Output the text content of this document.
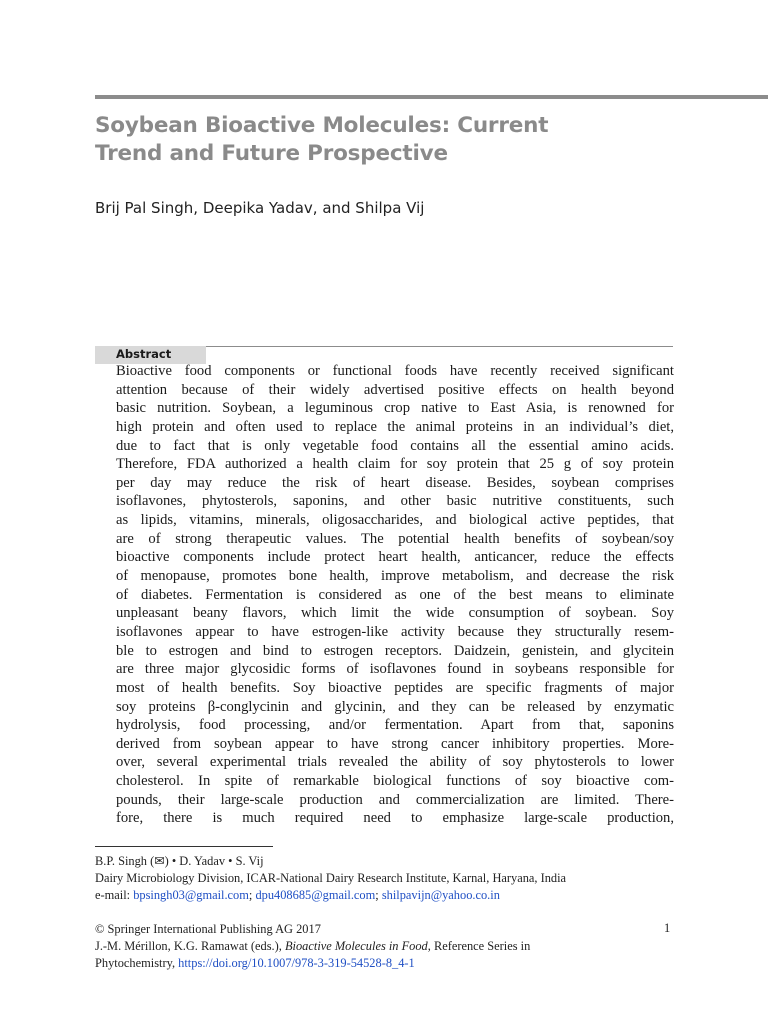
Soybean Bioactive Molecules: Current
Trend and Future Prospective
Brij Pal Singh, Deepika Yadav, and Shilpa Vij
Abstract
Bioactive food components or functional foods have recently received significant
attention because of their widely advertised positive effects on health beyond
basic nutrition. Soybean, a leguminous crop native to East Asia, is renowned for
high protein and often used to replace the animal proteins in an individual’s diet,
due to fact that is only vegetable food contains all the essential amino acids.
Therefore, FDA authorized a health claim for soy protein that 25 g of soy protein
per day may reduce the risk of heart disease. Besides, soybean comprises
isoflavones, phytosterols, saponins, and other basic nutritive constituents, such
as lipids, vitamins, minerals, oligosaccharides, and biological active peptides, that
are of strong therapeutic values. The potential health benefits of soybean/soy
bioactive components include protect heart health, anticancer, reduce the effects
of menopause, promotes bone health, improve metabolism, and decrease the risk
of diabetes. Fermentation is considered as one of the best means to eliminate
unpleasant beany flavors, which limit the wide consumption of soybean. Soy
isoflavones appear to have estrogen-like activity because they structurally resem-
ble to estrogen and bind to estrogen receptors. Daidzein, genistein, and glycitein
are three major glycosidic forms of isoflavones found in soybeans responsible for
most of health benefits. Soy bioactive peptides are specific fragments of major
soy proteins β-conglycinin and glycinin, and they can be released by enzymatic
hydrolysis, food processing, and/or fermentation. Apart from that, saponins
derived from soybean appear to have strong cancer inhibitory properties. More-
over, several experimental trials revealed the ability of soy phytosterols to lower
cholesterol. In spite of remarkable biological functions of soy bioactive com-
pounds, their large-scale production and commercialization are limited. There-
fore, there is much required need to emphasize large-scale production,
B.P. Singh (✉) • D. Yadav • S. Vij
Dairy Microbiology Division, ICAR-National Dairy Research Institute, Karnal, Haryana, India
e-mail: bpsingh03@gmail.com; dpu408685@gmail.com; shilpavijn@yahoo.co.in
© Springer International Publishing AG 2017
J.-M. Mérillon, K.G. Ramawat (eds.), Bioactive Molecules in Food, Reference Series in
Phytochemistry, https://doi.org/10.1007/978-3-319-54528-8_4-1
1
